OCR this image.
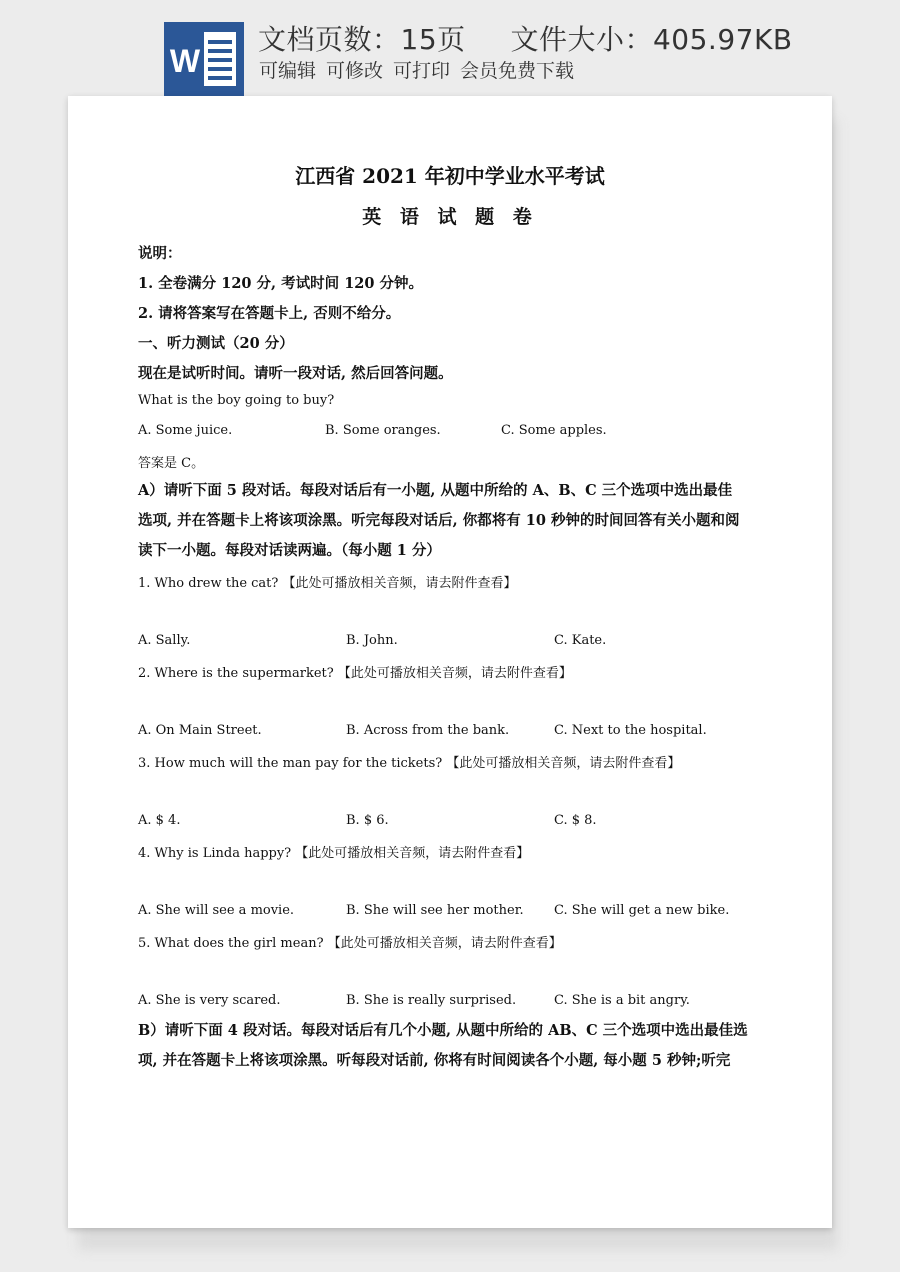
W
文档页数：15页 文件大小：405.97KB
可编辑 可修改 可打印 会员免费下载
江西省 2021 年初中学业水平考试
英 语 试 题 卷
说明：
1. 全卷满分 120 分, 考试时间 120 分钟。
2. 请将答案写在答题卡上, 否则不给分。
一、听力测试（20 分）
现在是试听时间。请听一段对话, 然后回答问题。
What is the boy going to buy?
A. Some juice.	B. Some oranges.	C. Some apples.
答案是 C。
A）请听下面 5 段对话。每段对话后有一小题, 从题中所给的 A、B、C 三个选项中选出最佳
选项, 并在答题卡上将该项涂黑。听完每段对话后, 你都将有 10 秒钟的时间回答有关小题和阅
读下一小题。每段对话读两遍。（每小题 1 分）
1. Who drew the cat? 【此处可播放相关音频，请去附件查看】
A. Sally.	B. John.	C. Kate.
2. Where is the supermarket? 【此处可播放相关音频，请去附件查看】
A. On Main Street.	B. Across from the bank.	C. Next to the hospital.
3. How much will the man pay for the tickets? 【此处可播放相关音频，请去附件查看】
A. $ 4.	B. $ 6.	C. $ 8.
4. Why is Linda happy? 【此处可播放相关音频，请去附件查看】
A. She will see a movie.	B. She will see her mother. C. She will get a new bike.
5. What does the girl mean? 【此处可播放相关音频，请去附件查看】
A. She is very scared.	B. She is really surprised.	C. She is a bit angry.
B）请听下面 4 段对话。每段对话后有几个小题, 从题中所给的 AB、C 三个选项中选出最佳选
项, 并在答题卡上将该项涂黑。听每段对话前, 你将有时间阅读各个小题, 每小题 5 秒钟;听完
